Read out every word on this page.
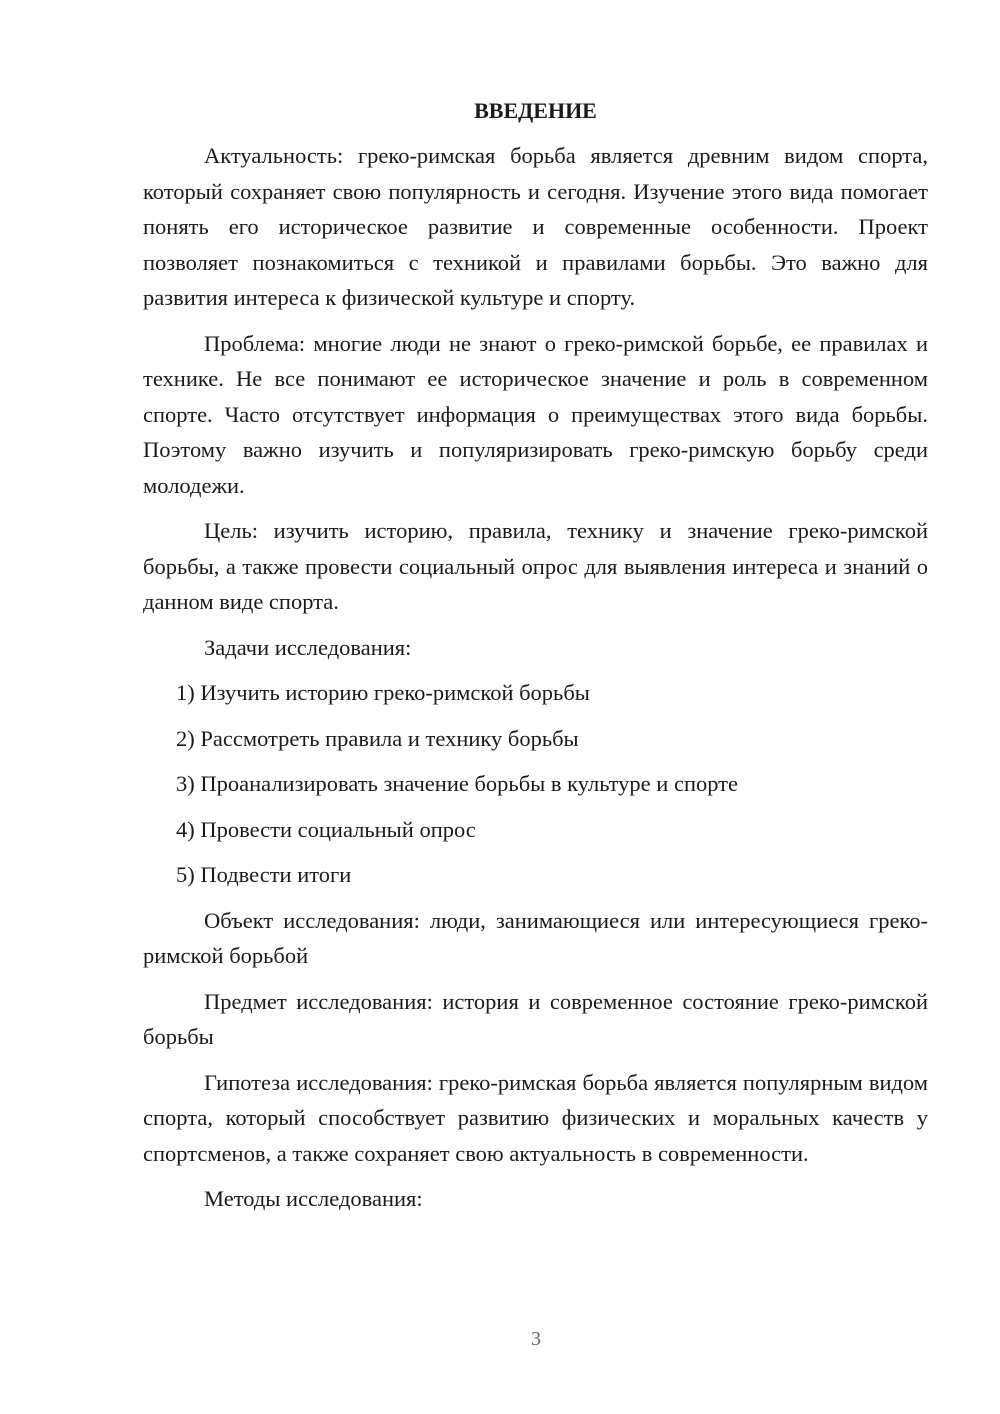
ВВЕДЕНИЕ

Актуальность: греко-римская борьба является древним видом спорта, который сохраняет свою популярность и сегодня. Изучение этого вида помогает понять его историческое развитие и современные особенности. Проект позволяет познакомиться с техникой и правилами борьбы. Это важно для развития интереса к физической культуре и спорту.

Проблема: многие люди не знают о греко-римской борьбе, ее правилах и технике. Не все понимают ее историческое значение и роль в современном спорте. Часто отсутствует информация о преимуществах этого вида борьбы. Поэтому важно изучить и популяризировать греко-римскую борьбу среди молодежи.

Цель: изучить историю, правила, технику и значение греко-римской борьбы, а также провести социальный опрос для выявления интереса и знаний о данном виде спорта.

Задачи исследования:

1) Изучить историю греко-римской борьбы
2) Рассмотреть правила и технику борьбы
3) Проанализировать значение борьбы в культуре и спорте
4) Провести социальный опрос
5) Подвести итоги

Объект исследования: люди, занимающиеся или интересующиеся греко-римской борьбой

Предмет исследования: история и современное состояние греко-римской борьбы

Гипотеза исследования: греко-римская борьба является популярным видом спорта, который способствует развитию физических и моральных качеств у спортсменов, а также сохраняет свою актуальность в современности.

Методы исследования:

3
